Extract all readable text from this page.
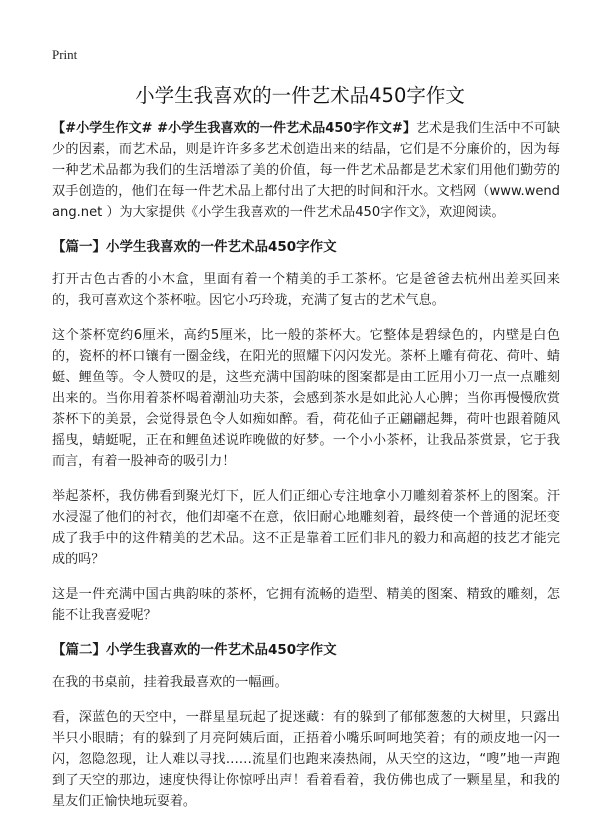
Print
小学生我喜欢的一件艺术品450字作文

【#小学生作文# #小学生我喜欢的一件艺术品450字作文#】艺术是我们生活中不可缺少的因素，而艺术品，则是许许多多艺术创造出来的结晶，它们是不分廉价的，因为每一种艺术品都为我们的生活增添了美的价值，每一件艺术品都是艺术家们用他们勤劳的双手创造的，他们在每一件艺术品上都付出了大把的时间和汗水。文档网（www.wendang.net ）为大家提供《小学生我喜欢的一件艺术品450字作文》，欢迎阅读。

【篇一】小学生我喜欢的一件艺术品450字作文

打开古色古香的小木盒，里面有着一个精美的手工茶杯。它是爸爸去杭州出差买回来的，我可喜欢这个茶杯啦。因它小巧玲珑，充满了复古的艺术气息。

这个茶杯宽约6厘米，高约5厘米，比一般的茶杯大。它整体是碧绿色的，内壁是白色的，瓷杯的杯口镶有一圈金线，在阳光的照耀下闪闪发光。茶杯上雕有荷花、荷叶、蜻蜓、鲤鱼等。令人赞叹的是，这些充满中国韵味的图案都是由工匠用小刀一点一点雕刻出来的。当你用着茶杯喝着潮汕功夫茶，会感到茶水是如此沁人心脾；当你再慢慢欣赏茶杯下的美景，会觉得景色令人如痴如醉。看，荷花仙子正翩翩起舞，荷叶也跟着随风摇曳，蜻蜓呢，正在和鲤鱼述说昨晚做的好梦。一个小小茶杯，让我品茶赏景，它于我而言，有着一股神奇的吸引力！

举起茶杯，我仿佛看到聚光灯下，匠人们正细心专注地拿小刀雕刻着茶杯上的图案。汗水浸湿了他们的衬衣，他们却毫不在意，依旧耐心地雕刻着，最终使一个普通的泥坯变成了我手中的这件精美的艺术品。这不正是靠着工匠们非凡的毅力和高超的技艺才能完成的吗？

这是一件充满中国古典韵味的茶杯，它拥有流畅的造型、精美的图案、精致的雕刻，怎能不让我喜爱呢？

【篇二】小学生我喜欢的一件艺术品450字作文

在我的书桌前，挂着我最喜欢的一幅画。

看，深蓝色的天空中，一群星星玩起了捉迷藏：有的躲到了郁郁葱葱的大树里，只露出半只小眼睛；有的躲到了月亮阿姨后面，正捂着小嘴乐呵呵地笑着；有的顽皮地一闪一闪，忽隐忽现，让人难以寻找……流星们也跑来凑热闹，从天空的这边，“嗖”地一声跑到了天空的那边，速度快得让你惊呼出声！看着看着，我仿佛也成了一颗星星，和我的星友们正愉快地玩耍着。
